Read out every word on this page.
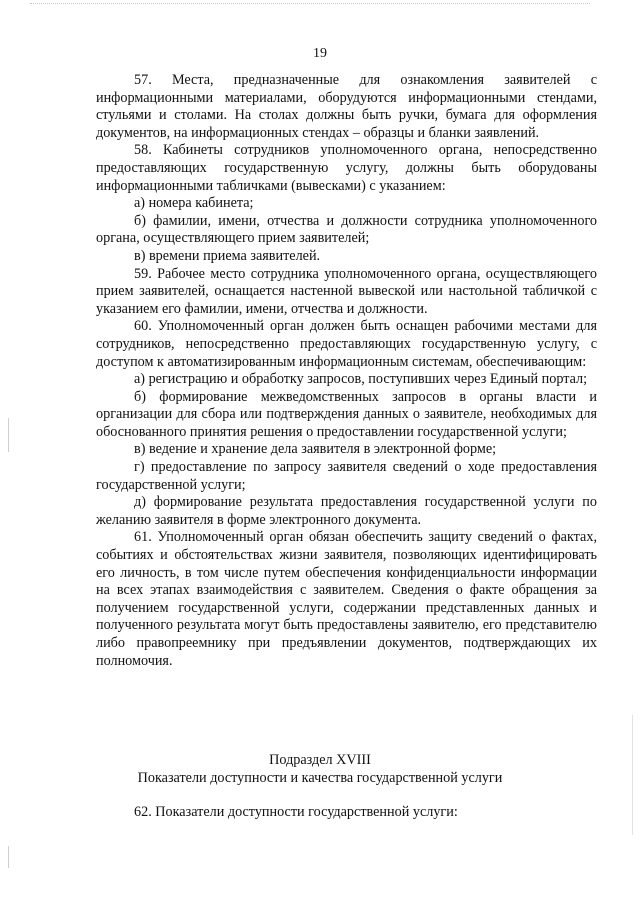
19

57. Места, предназначенные для ознакомления заявителей с информационными материалами, оборудуются информационными стендами, стульями и столами. На столах должны быть ручки, бумага для оформления документов, на информационных стендах – образцы и бланки заявлений.

58. Кабинеты сотрудников уполномоченного органа, непосредственно предоставляющих государственную услугу, должны быть оборудованы информационными табличками (вывесками) с указанием:

а) номера кабинета;

б) фамилии, имени, отчества и должности сотрудника уполномоченного органа, осуществляющего прием заявителей;

в) времени приема заявителей.

59. Рабочее место сотрудника уполномоченного органа, осуществляющего прием заявителей, оснащается настенной вывеской или настольной табличкой с указанием его фамилии, имени, отчества и должности.

60. Уполномоченный орган должен быть оснащен рабочими местами для сотрудников, непосредственно предоставляющих государственную услугу, с доступом к автоматизированным информационным системам, обеспечивающим:

а) регистрацию и обработку запросов, поступивших через Единый портал;

б) формирование межведомственных запросов в органы власти и организации для сбора или подтверждения данных о заявителе, необходимых для обоснованного принятия решения о предоставлении государственной услуги;

в) ведение и хранение дела заявителя в электронной форме;

г) предоставление по запросу заявителя сведений о ходе предоставления государственной услуги;

д) формирование результата предоставления государственной услуги по желанию заявителя в форме электронного документа.

61. Уполномоченный орган обязан обеспечить защиту сведений о фактах, событиях и обстоятельствах жизни заявителя, позволяющих идентифицировать его личность, в том числе путем обеспечения конфиденциальности информации на всех этапах взаимодействия с заявителем. Сведения о факте обращения за получением государственной услуги, содержании представленных данных и полученного результата могут быть предоставлены заявителю, его представителю либо правопреемнику при предъявлении документов, подтверждающих их полномочия.

Подраздел XVIII
Показатели доступности и качества государственной услуги
62. Показатели доступности государственной услуги:
